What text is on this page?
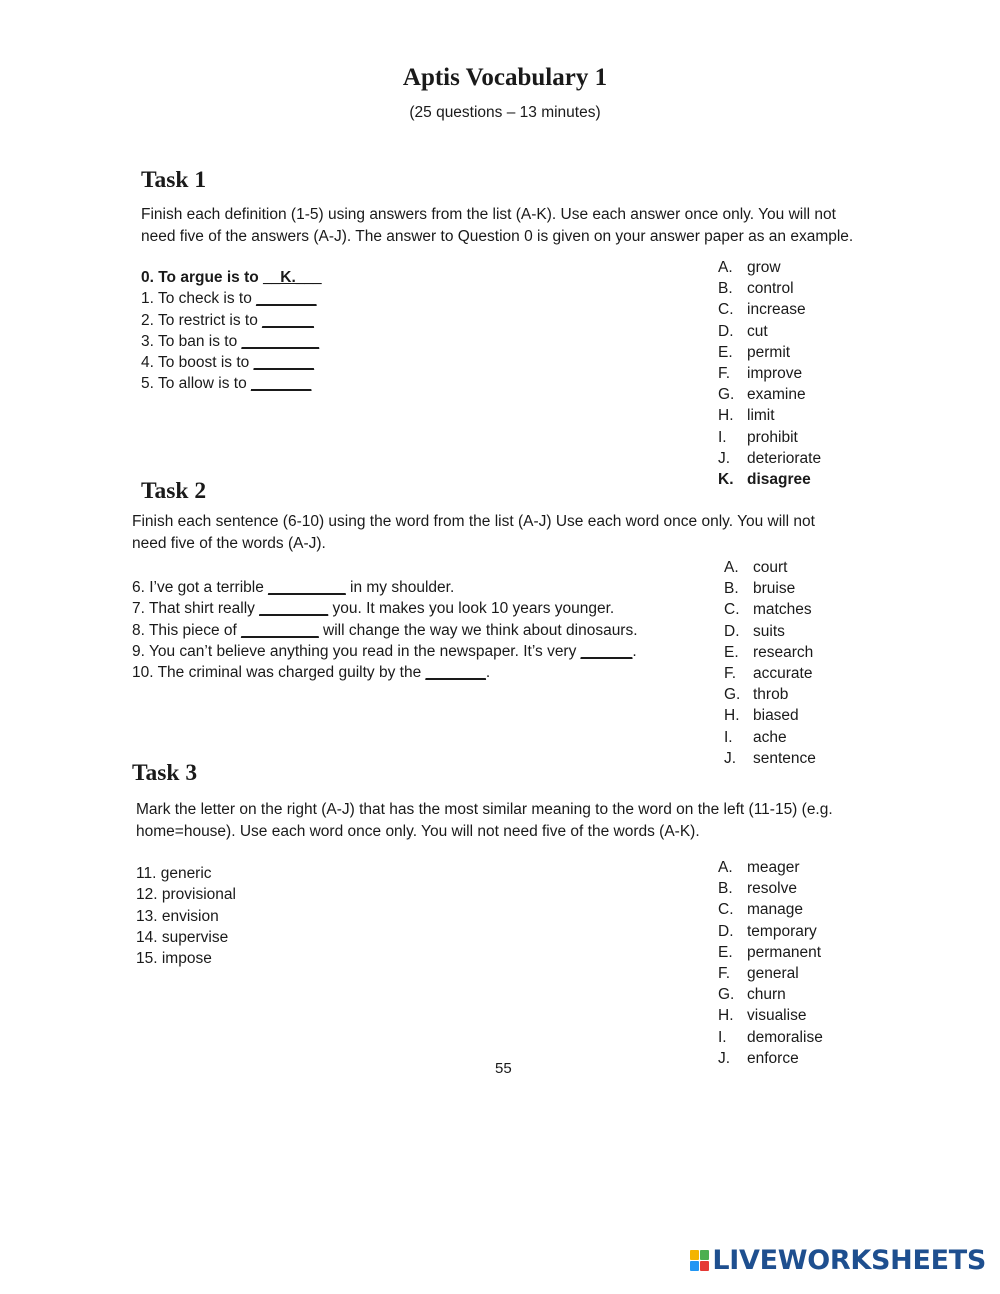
Aptis Vocabulary 1
(25 questions – 13 minutes)
Task 1
Finish each definition (1-5) using answers from the list (A-K). Use each answer once only. You will not
need five of the answers (A-J). The answer to Question 0 is given on your answer paper as an example.
0. To argue is to __K.___
1. To check is to _______
2. To restrict is to ______
3. To ban is to _________
4. To boost is to _______
5. To allow is to _______
A. grow
B. control
C. increase
D. cut
E. permit
F. improve
G. examine
H. limit
I. prohibit
J. deteriorate
K. disagree
Task 2
Finish each sentence (6-10) using the word from the list (A-J) Use each word once only. You will not
need five of the words (A-J).
6. I’ve got a terrible _________ in my shoulder.
7. That shirt really ________ you. It makes you look 10 years younger.
8. This piece of _________ will change the way we think about dinosaurs.
9. You can’t believe anything you read in the newspaper. It’s very ______.
10. The criminal was charged guilty by the _______.
A. court
B. bruise
C. matches
D. suits
E. research
F. accurate
G. throb
H. biased
I. ache
J. sentence
Task 3
Mark the letter on the right (A-J) that has the most similar meaning to the word on the left (11-15) (e.g.
home=house). Use each word once only. You will not need five of the words (A-K).
11. generic
12. provisional
13. envision
14. supervise
15. impose
A. meager
B. resolve
C. manage
D. temporary
E. permanent
F. general
G. churn
H. visualise
I. demoralise
J. enforce
55
LIVEWORKSHEETS
